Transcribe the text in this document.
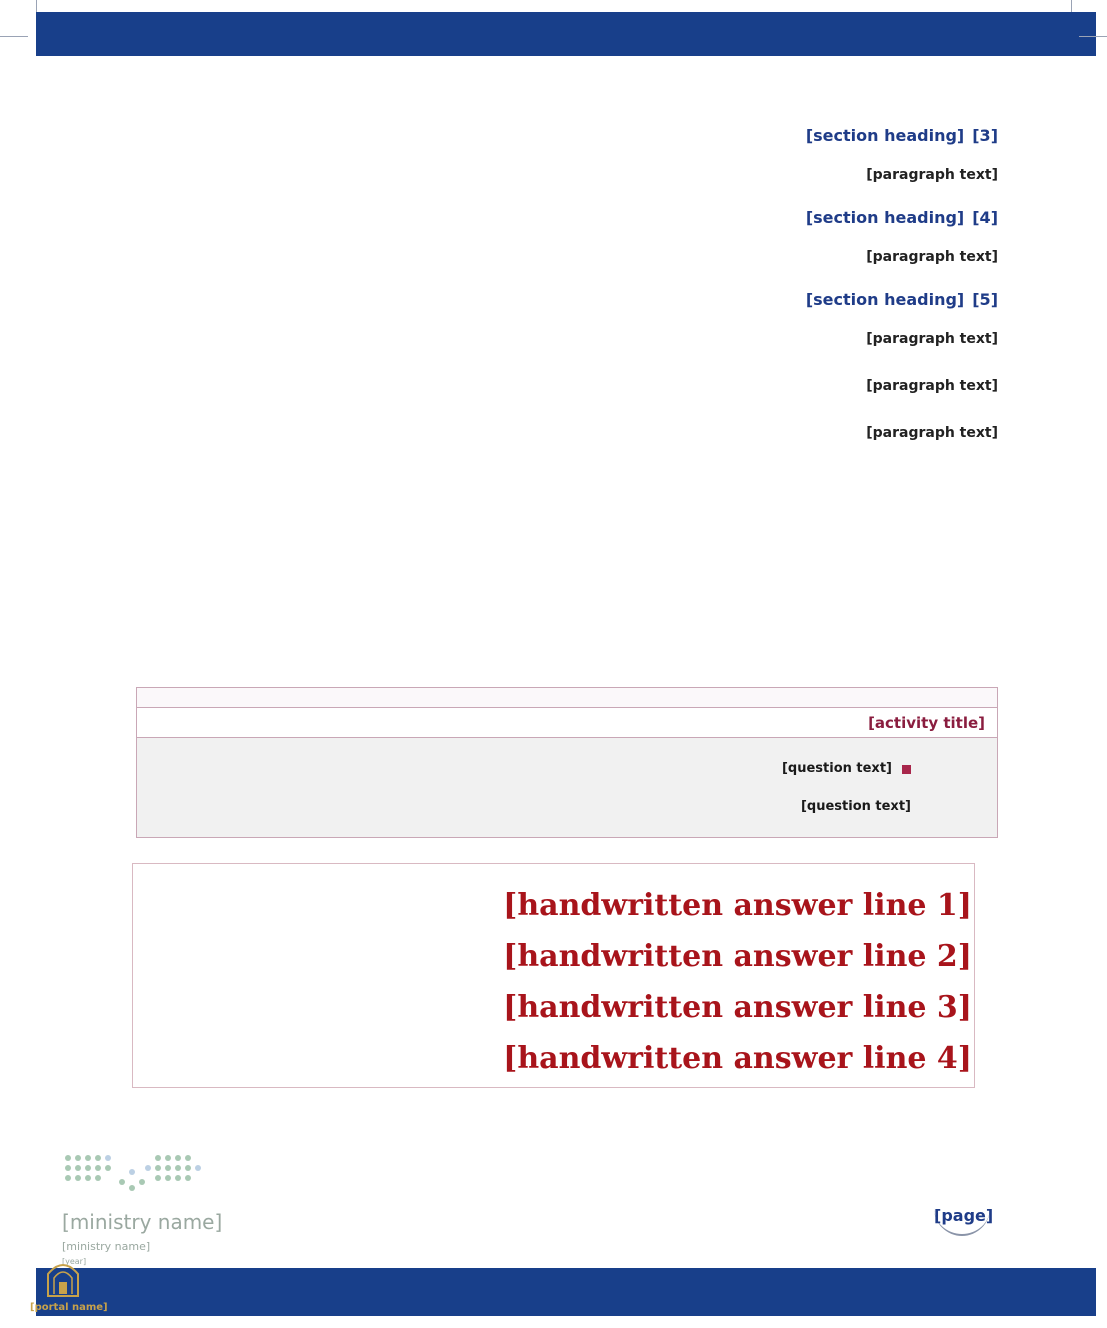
[3]
[section heading]

[paragraph text]

[4]
[section heading]

[paragraph text]

[5]
[section heading]

[paragraph text]

[paragraph text]

[paragraph text]

[activity title]
[question text]
[question text]
[handwritten answer line 1]
[handwritten answer line 2]
[handwritten answer line 3]
[handwritten answer line 4]
[ministry name]
[ministry name]
[year]
[page]
[portal name]
